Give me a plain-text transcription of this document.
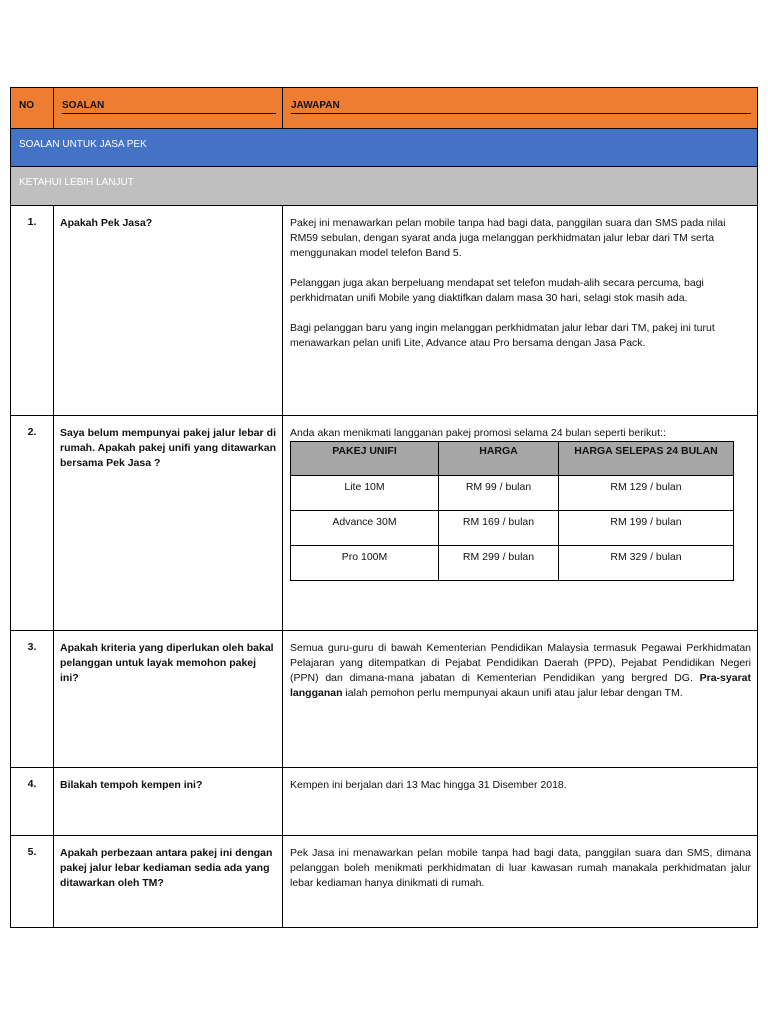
NO	SOALAN	JAWAPAN

SOALAN UNTUK JASA PEK

KETAHUI LEBIH LANJUT

1.	Apakah Pek Jasa?	Pakej ini menawarkan pelan mobile tanpa had bagi data, panggilan suara dan SMS pada nilai RM59 sebulan, dengan syarat anda juga melanggan perkhidmatan jalur lebar dari TM serta menggunakan model telefon Band 5.

Pelanggan juga akan berpeluang mendapat set telefon mudah-alih secara percuma, bagi perkhidmatan unifi Mobile yang diaktifkan dalam masa 30 hari, selagi stok masih ada.

Bagi pelanggan baru yang ingin melanggan perkhidmatan jalur lebar dari TM, pakej ini turut menawarkan pelan unifi Lite, Advance atau Pro bersama dengan Jasa Pack.

2.	Saya belum mempunyai pakej jalur lebar di rumah. Apakah pakej unifi yang ditawarkan bersama Pek Jasa ?	
Anda akan menikmati langganan pakej promosi selama 24 bulan seperti berikut::
PAKEJ UNIFI	HARGA	HARGA SELEPAS 24 BULAN
Lite 10M	RM 99 / bulan	RM 129 / bulan
Advance 30M	RM 169 / bulan	RM 199 / bulan
Pro 100M	RM 299 / bulan	RM 329 / bulan

3.	Apakah kriteria yang diperlukan oleh bakal pelanggan untuk layak memohon pakej ini?	Semua guru-guru di bawah Kementerian Pendidikan Malaysia termasuk Pegawai Perkhidmatan Pelajaran yang ditempatkan di Pejabat Pendidikan Daerah (PPD), Pejabat Pendidikan Negeri (PPN) dan dimana-mana jabatan di Kementerian Pendidikan yang bergred DG. Pra-syarat langganan ialah pemohon perlu mempunyai akaun unifi atau jalur lebar dengan TM.
4.	Bilakah tempoh kempen ini?	Kempen ini berjalan dari 13 Mac hingga 31 Disember 2018.
5.	Apakah perbezaan antara pakej ini dengan pakej jalur lebar kediaman sedia ada yang ditawarkan oleh TM?	Pek Jasa ini menawarkan pelan mobile tanpa had bagi data, panggilan suara dan SMS, dimana pelanggan boleh menikmati perkhidmatan di luar kawasan rumah manakala perkhidmatan jalur lebar kediaman hanya dinikmati di rumah.
